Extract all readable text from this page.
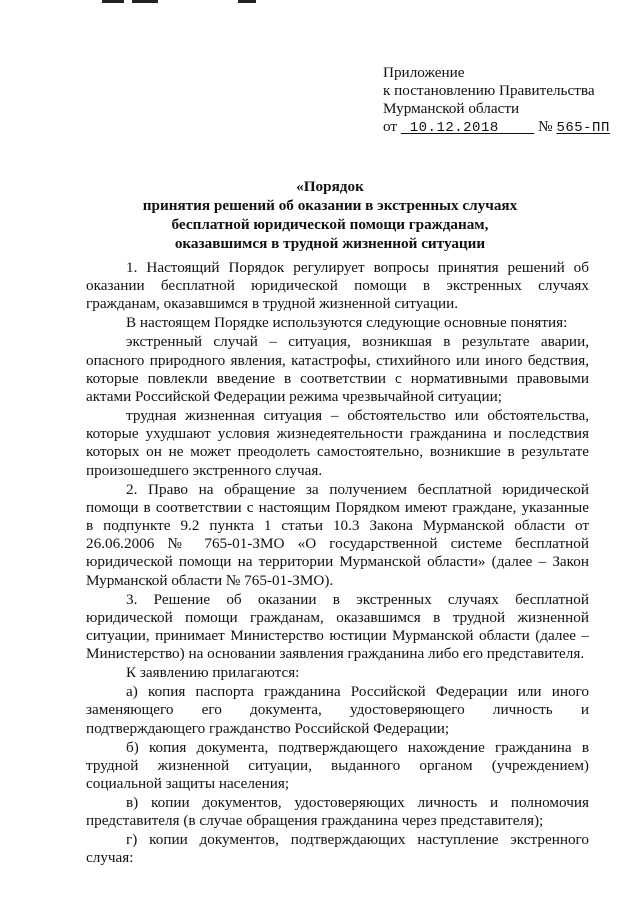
Приложение
к постановлению Правительства
Мурманской области
от 10.12.2018	№ 565-ПП
«Порядок
принятия решений об оказании в экстренных случаях
бесплатной юридической помощи гражданам,
оказавшимся в трудной жизненной ситуации

1. Настоящий Порядок регулирует вопросы принятия решений об оказании бесплатной юридической помощи в экстренных случаях гражданам, оказавшимся в трудной жизненной ситуации.

В настоящем Порядке используются следующие основные понятия:

экстренный случай – ситуация, возникшая в результате аварии, опасного природного явления, катастрофы, стихийного или иного бедствия, которые повлекли введение в соответствии с нормативными правовыми актами Российской Федерации режима чрезвычайной ситуации;

трудная жизненная ситуация – обстоятельство или обстоятельства, которые ухудшают условия жизнедеятельности гражданина и последствия которых он не может преодолеть самостоятельно, возникшие в результате произошедшего экстренного случая.

2. Право на обращение за получением бесплатной юридической помощи в соответствии с настоящим Порядком имеют граждане, указанные в подпункте 9.2 пункта 1 статьи 10.3 Закона Мурманской области от 26.06.2006 № 765-01-ЗМО «О государственной системе бесплатной юридической помощи на территории Мурманской области» (далее – Закон Мурманской области № 765-01-ЗМО).

3. Решение об оказании в экстренных случаях бесплатной юридической помощи гражданам, оказавшимся в трудной жизненной ситуации, принимает Министерство юстиции Мурманской области (далее – Министерство) на основании заявления гражданина либо его представителя.

К заявлению прилагаются:

а) копия паспорта гражданина Российской Федерации или иного заменяющего его документа, удостоверяющего личность и подтверждающего гражданство Российской Федерации;

б) копия документа, подтверждающего нахождение гражданина в трудной жизненной ситуации, выданного органом (учреждением) социальной защиты населения;

в) копии документов, удостоверяющих личность и полномочия представителя (в случае обращения гражданина через представителя);

г) копии документов, подтверждающих наступление экстренного случая:
